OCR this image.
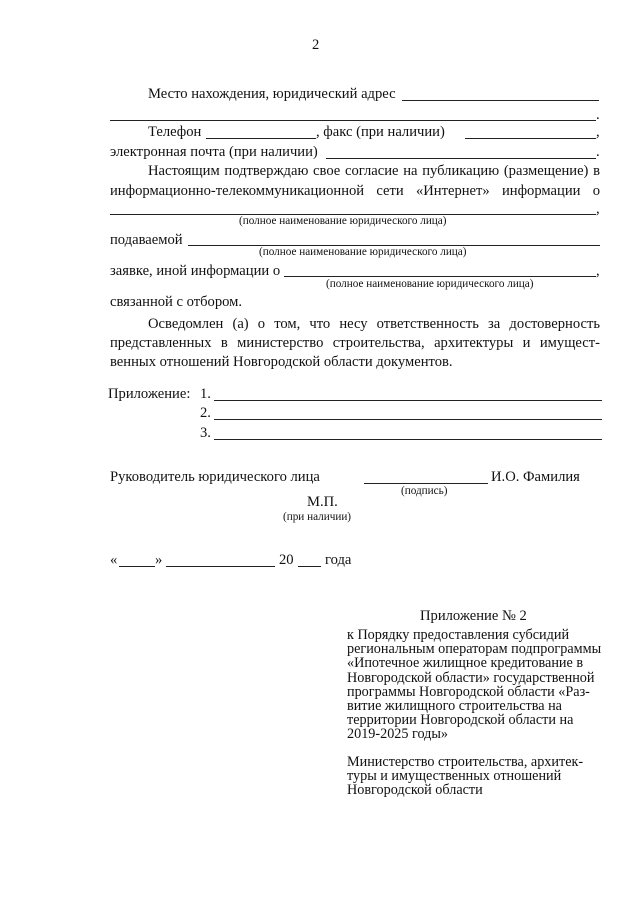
2
Место нахождения, юридический адрес
.
Телефон	, факс (при наличии)	,
электронная почта (при наличии)	.
Настоящим подтверждаю свое согласие на публикацию (размещение) в
информационно-телекоммуникационной сети «Интернет» информации о
,
(полное наименование юридического лица)
подаваемой
(полное наименование юридического лица)
заявке, иной информации о	,
(полное наименование юридического лица)
связанной с отбором.
Осведомлен (а) о том, что несу ответственность за достоверность
представленных в министерство строительства, архитектуры и имущест-
венных отношений Новгородской области документов.
Приложение: 1.
2.
3.
Руководитель юридического лица	И.О. Фамилия
(подпись)
М.П.
(при наличии)
«	»	20 года
Приложение № 2
к Порядку предоставления субсидий
региональным операторам подпрограммы
«Ипотечное жилищное кредитование в
Новгородской области» государственной
программы Новгородской области «Раз-
витие жилищного строительства на
территории Новгородской области на
2019-2025 годы»
Министерство строительства, архитек-
туры и имущественных отношений
Новгородской области
